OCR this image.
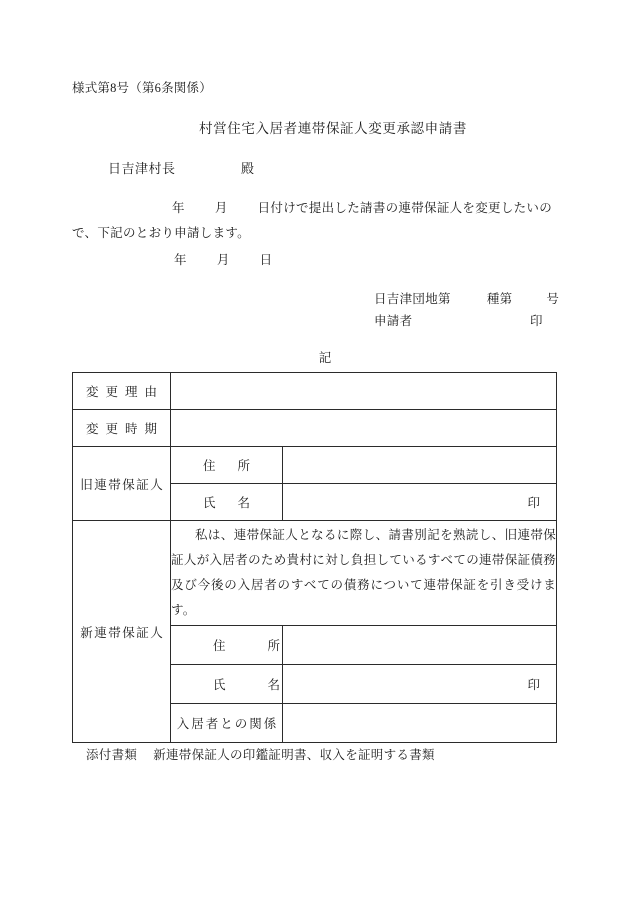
様式第8号（第6条関係）
村営住宅入居者連帯保証人変更承認申請書
日吉津村長	殿
年 月 日付けで提出した請書の連帯保証人を変更したいので、下記のとおり申請します。
年 月 日
日吉津団地第	種第	号
申請者	印
記
変更理由		
変更時期		
旧連帯保証人	住所	
	氏名	印

新連帯保証人	私は、連帯保証人となるに際し、請書別記を熟読し、旧連帯保証人が入居者のため貴村に対し負担しているすべての連帯保証債務及び今後の入居者のすべての債務について連帯保証を引き受けます。	
	住所	
	氏名	印

	入居者との関係	
添付書類 新連帯保証人の印鑑証明書、収入を証明する書類
